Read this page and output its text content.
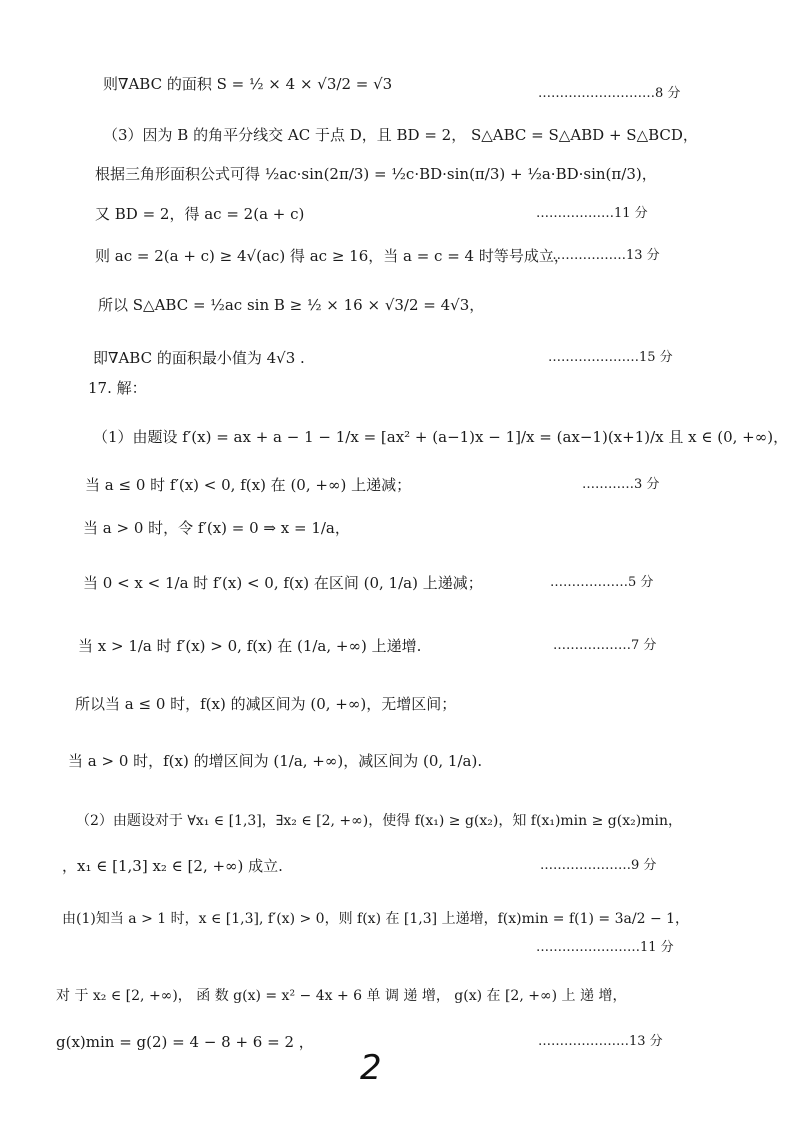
则∇ABC 的面积 S = ½ × 4 × √3/2 = √3
………………………8 分
（3）因为 B 的角平分线交 AC 于点 D，且 BD = 2， S△ABC = S△ABD + S△BCD，
根据三角形面积公式可得 ½ac·sin(2π/3) = ½c·BD·sin(π/3) + ½a·BD·sin(π/3)，
又 BD = 2，得 ac = 2(a + c)	………………11 分
则 ac = 2(a + c) ≥ 4√(ac) 得 ac ≥ 16，当 a = c = 4 时等号成立，
………………13 分
所以 S△ABC = ½ac sin B ≥ ½ × 16 × √3/2 = 4√3，
即∇ABC 的面积最小值为 4√3 .	…………………15 分
17. 解：
（1）由题设 f′(x) = ax + a − 1 − 1/x = [ax² + (a−1)x − 1]/x = (ax−1)(x+1)/x 且 x ∈ (0, +∞)，
当 a ≤ 0 时 f′(x) < 0, f(x) 在 (0, +∞) 上递减；	…………3 分
当 a > 0 时，令 f′(x) = 0 ⇒ x = 1/a，
当 0 < x < 1/a 时 f′(x) < 0, f(x) 在区间 (0, 1/a) 上递减；	………………5 分
当 x > 1/a 时 f′(x) > 0, f(x) 在 (1/a, +∞) 上递增.	………………7 分
所以当 a ≤ 0 时，f(x) 的减区间为 (0, +∞)，无增区间；
当 a > 0 时，f(x) 的增区间为 (1/a, +∞)，减区间为 (0, 1/a).
（2）由题设对于 ∀x₁ ∈ [1,3]，∃x₂ ∈ [2, +∞)，使得 f(x₁) ≥ g(x₂)，知 f(x₁)min ≥ g(x₂)min，
，x₁ ∈ [1,3] x₂ ∈ [2, +∞) 成立.	…………………9 分
由(1)知当 a > 1 时，x ∈ [1,3], f′(x) > 0，则 f(x) 在 [1,3] 上递增，f(x)min = f(1) = 3a/2 − 1，
……………………11 分
对 于 x₂ ∈ [2, +∞)， 函 数 g(x) = x² − 4x + 6 单 调 递 增， g(x) 在 [2, +∞) 上 递 增，
g(x)min = g(2) = 4 − 8 + 6 = 2 ，	…………………13 分
2
